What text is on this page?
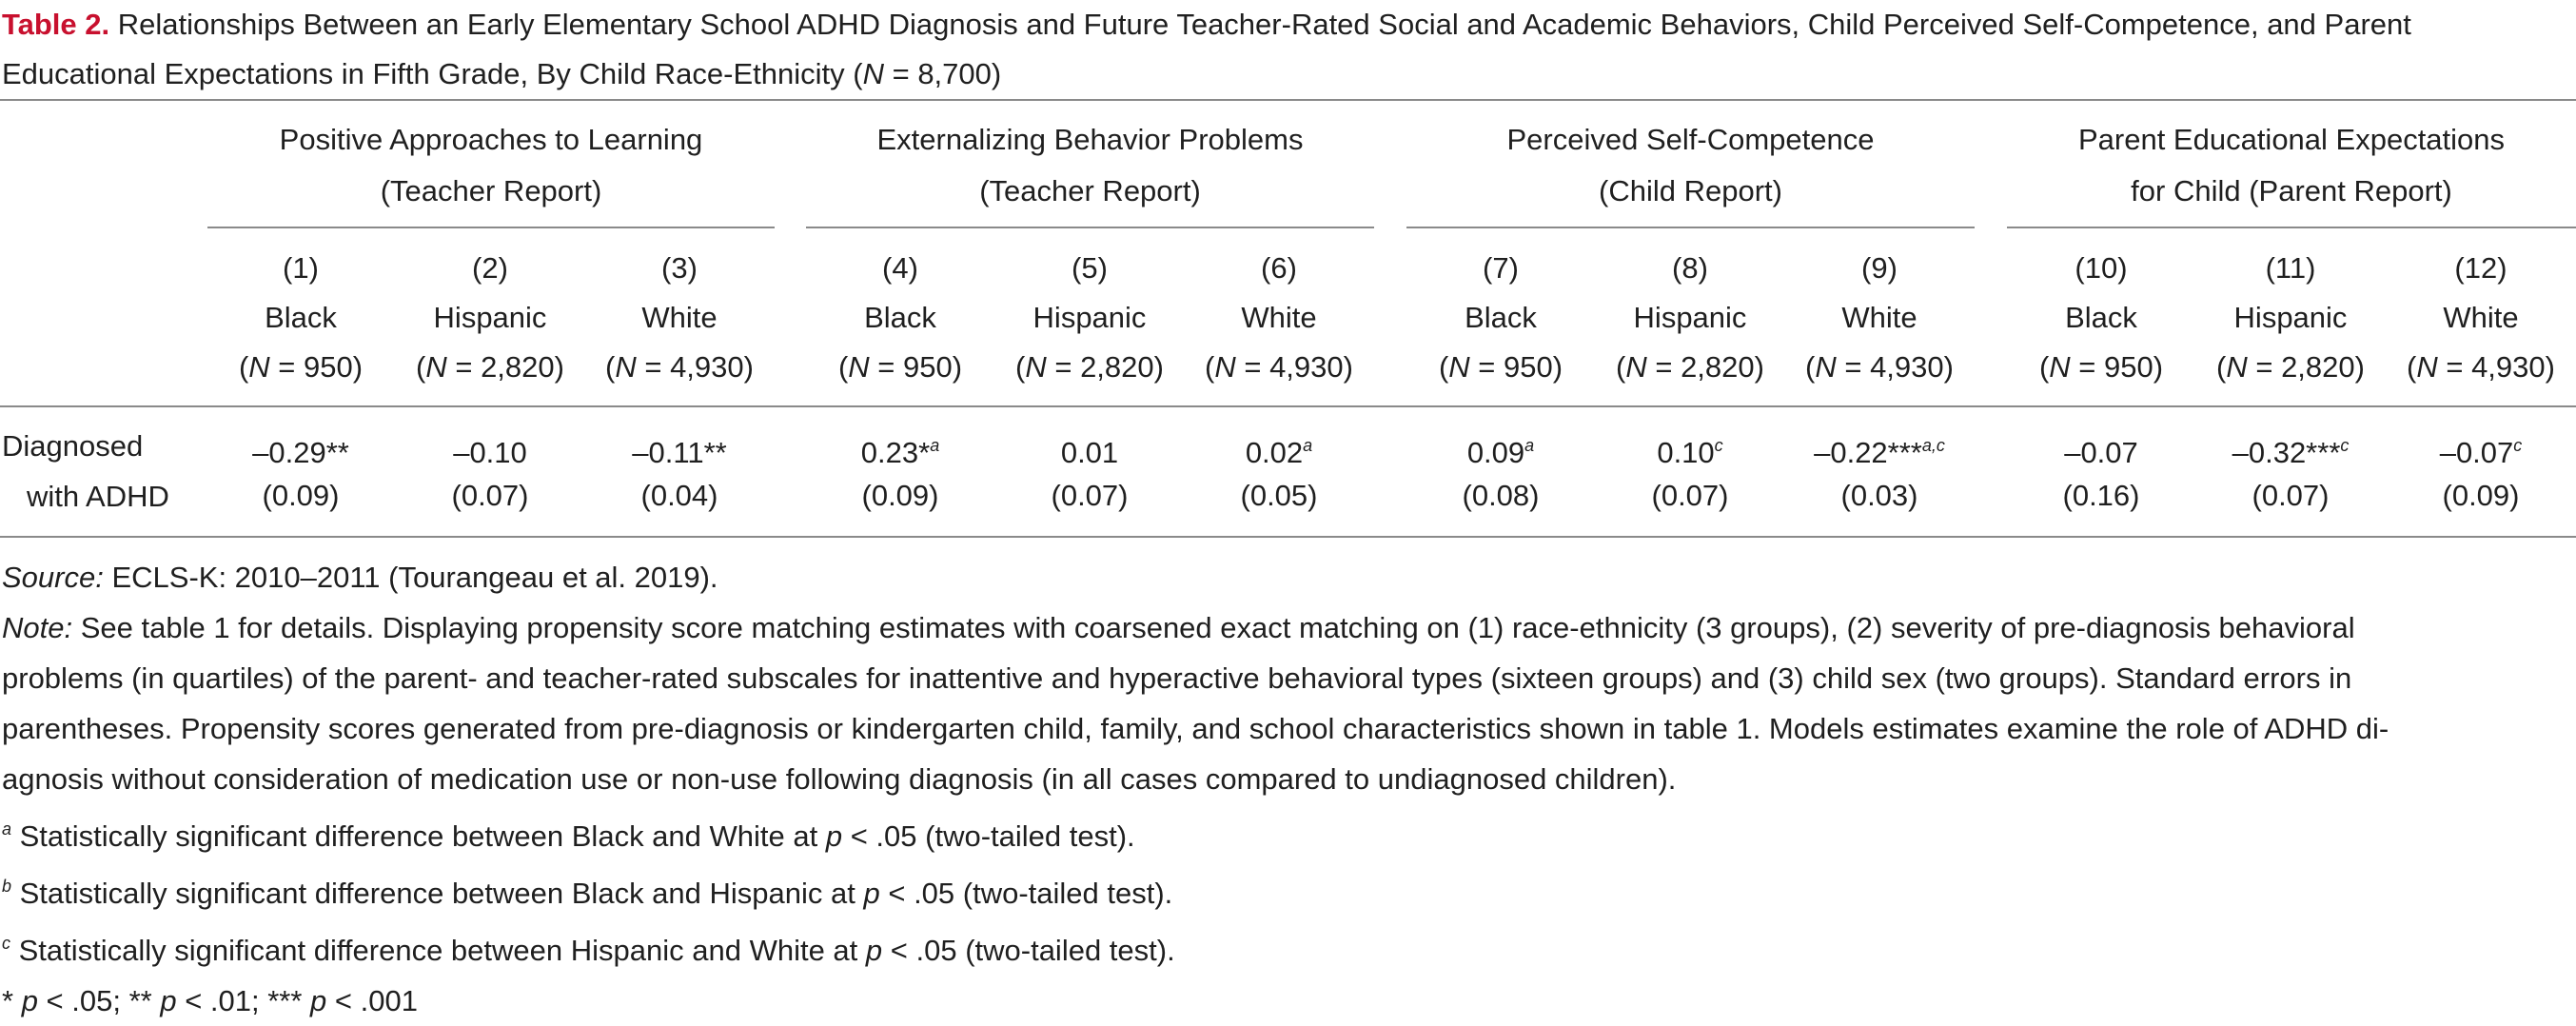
Table 2. Relationships Between an Early Elementary School ADHD Diagnosis and Future Teacher-Rated Social and Academic Behaviors, Child Perceived Self-Competence, and Parent
Educational Expectations in Fifth Grade, By Child Race-Ethnicity (N = 8,700)
Positive Approaches to Learning
(Teacher Report)
Externalizing Behavior Problems
(Teacher Report)
Perceived Self-Competence
(Child Report)
Parent Educational Expectations
for Child (Parent Report)
(1)
Black
(N = 950)
(2)
Hispanic
(N = 2,820)
(3)
White
(N = 4,930)
(4)
Black
(N = 950)
(5)
Hispanic
(N = 2,820)
(6)
White
(N = 4,930)
(7)
Black
(N = 950)
(8)
Hispanic
(N = 2,820)
(9)
White
(N = 4,930)
(10)
Black
(N = 950)
(11)
Hispanic
(N = 2,820)
(12)
White
(N = 4,930)
Diagnosed
with ADHD
–0.29**
(0.09)
–0.10
(0.07)
–0.11**
(0.04)
0.23*$^a$
(0.09)
0.01
(0.07)
0.02$^a$
(0.05)
0.09$^a$
(0.08)
0.10$^c$
(0.07)
–0.22***$^{a,c}$
(0.03)
–0.07
(0.16)
–0.32***$^c$
(0.07)
–0.07$^c$
(0.09)
Source: ECLS-K: 2010–2011 (Tourangeau et al. 2019).
Note: See table 1 for details. Displaying propensity score matching estimates with coarsened exact matching on (1) race-ethnicity (3 groups), (2) severity of pre-diagnosis behavioral
problems (in quartiles) of the parent- and teacher-rated subscales for inattentive and hyperactive behavioral types (sixteen groups) and (3) child sex (two groups). Standard errors in
parentheses. Propensity scores generated from pre-diagnosis or kindergarten child, family, and school characteristics shown in table 1. Models estimates examine the role of ADHD di-
agnosis without consideration of medication use or non-use following diagnosis (in all cases compared to undiagnosed children).
$^a$ Statistically significant difference between Black and White at p < .05 (two-tailed test).
$^b$ Statistically significant difference between Black and Hispanic at p < .05 (two-tailed test).
$^c$ Statistically significant difference between Hispanic and White at p < .05 (two-tailed test).
* p < .05; ** p < .01; *** p < .001
